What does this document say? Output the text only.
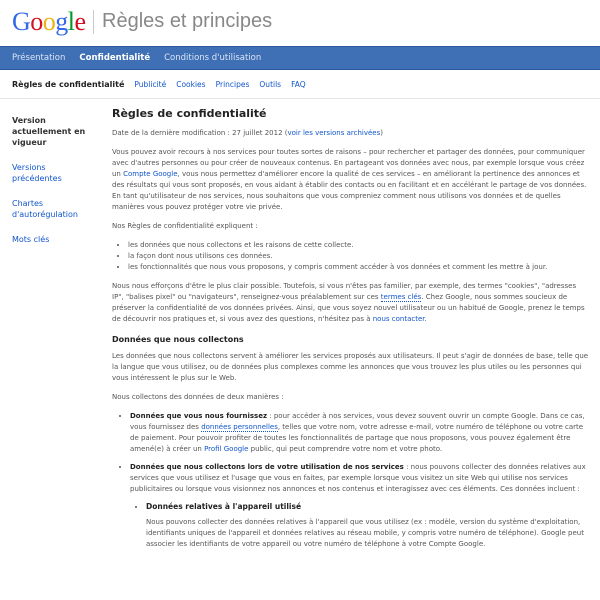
Google Règles et principes
Présentation Confidentialité Conditions d'utilisation
Règles de confidentialité Publicité Cookies Principes Outils FAQ
Version actuellement en vigueur
Versions précédentes
Chartes d'autorégulation
Mots clés
Règles de confidentialité

Date de la dernière modification : 27 juillet 2012 (voir les versions archivées)

Vous pouvez avoir recours à nos services pour toutes sortes de raisons – pour rechercher et partager des données, pour communiquer avec d'autres personnes ou pour créer de nouveaux contenus. En partageant vos données avec nous, par exemple lorsque vous créez un Compte Google, vous nous permettez d'améliorer encore la qualité de ces services – en améliorant la pertinence des annonces et des résultats qui vous sont proposés, en vous aidant à établir des contacts ou en facilitant et en accélérant le partage de vos données. En tant qu'utilisateur de nos services, nous souhaitons que vous compreniez comment nous utilisons vos données et de quelles manières vous pouvez protéger votre vie privée.

Nos Règles de confidentialité expliquent :

• les données que nous collectons et les raisons de cette collecte.
• la façon dont nous utilisons ces données.
• les fonctionnalités que nous vous proposons, y compris comment accéder à vos données et comment les mettre à jour.

Nous nous efforçons d'être le plus clair possible. Toutefois, si vous n'êtes pas familier, par exemple, des termes "cookies", "adresses IP", "balises pixel" ou "navigateurs", renseignez-vous préalablement sur ces termes clés. Chez Google, nous sommes soucieux de préserver la confidentialité de vos données privées. Ainsi, que vous soyez nouvel utilisateur ou un habitué de Google, prenez le temps de découvrir nos pratiques et, si vous avez des questions, n'hésitez pas à nous contacter.

Données que nous collectons

Les données que nous collectons servent à améliorer les services proposés aux utilisateurs. Il peut s'agir de données de base, telle que la langue que vous utilisez, ou de données plus complexes comme les annonces que vous trouvez les plus utiles ou les personnes qui vous intéressent le plus sur le Web.

Nous collectons des données de deux manières :

• Données que vous nous fournissez : pour accéder à nos services, vous devez souvent ouvrir un compte Google. Dans ce cas, vous fournissez des données personnelles, telles que votre nom, votre adresse e-mail, votre numéro de téléphone ou votre carte de paiement. Pour pouvoir profiter de toutes les fonctionnalités de partage que nous proposons, vous pouvez également être amené(e) à créer un Profil Google public, qui peut comprendre votre nom et votre photo.
• Données que nous collectons lors de votre utilisation de nos services : nous pouvons collecter des données relatives aux services que vous utilisez et l'usage que vous en faites, par exemple lorsque vous visitez un site Web qui utilise nos services publicitaires ou lorsque vous visionnez nos annonces et nos contenus et interagissez avec ces éléments. Ces données incluent :
• Données relatives à l'appareil utilisé

Nous pouvons collecter des données relatives à l'appareil que vous utilisez (ex : modèle, version du système d'exploitation, identifiants uniques de l'appareil et données relatives au réseau mobile, y compris votre numéro de téléphone). Google peut associer les identifiants de votre appareil ou votre numéro de téléphone à votre Compte Google.
